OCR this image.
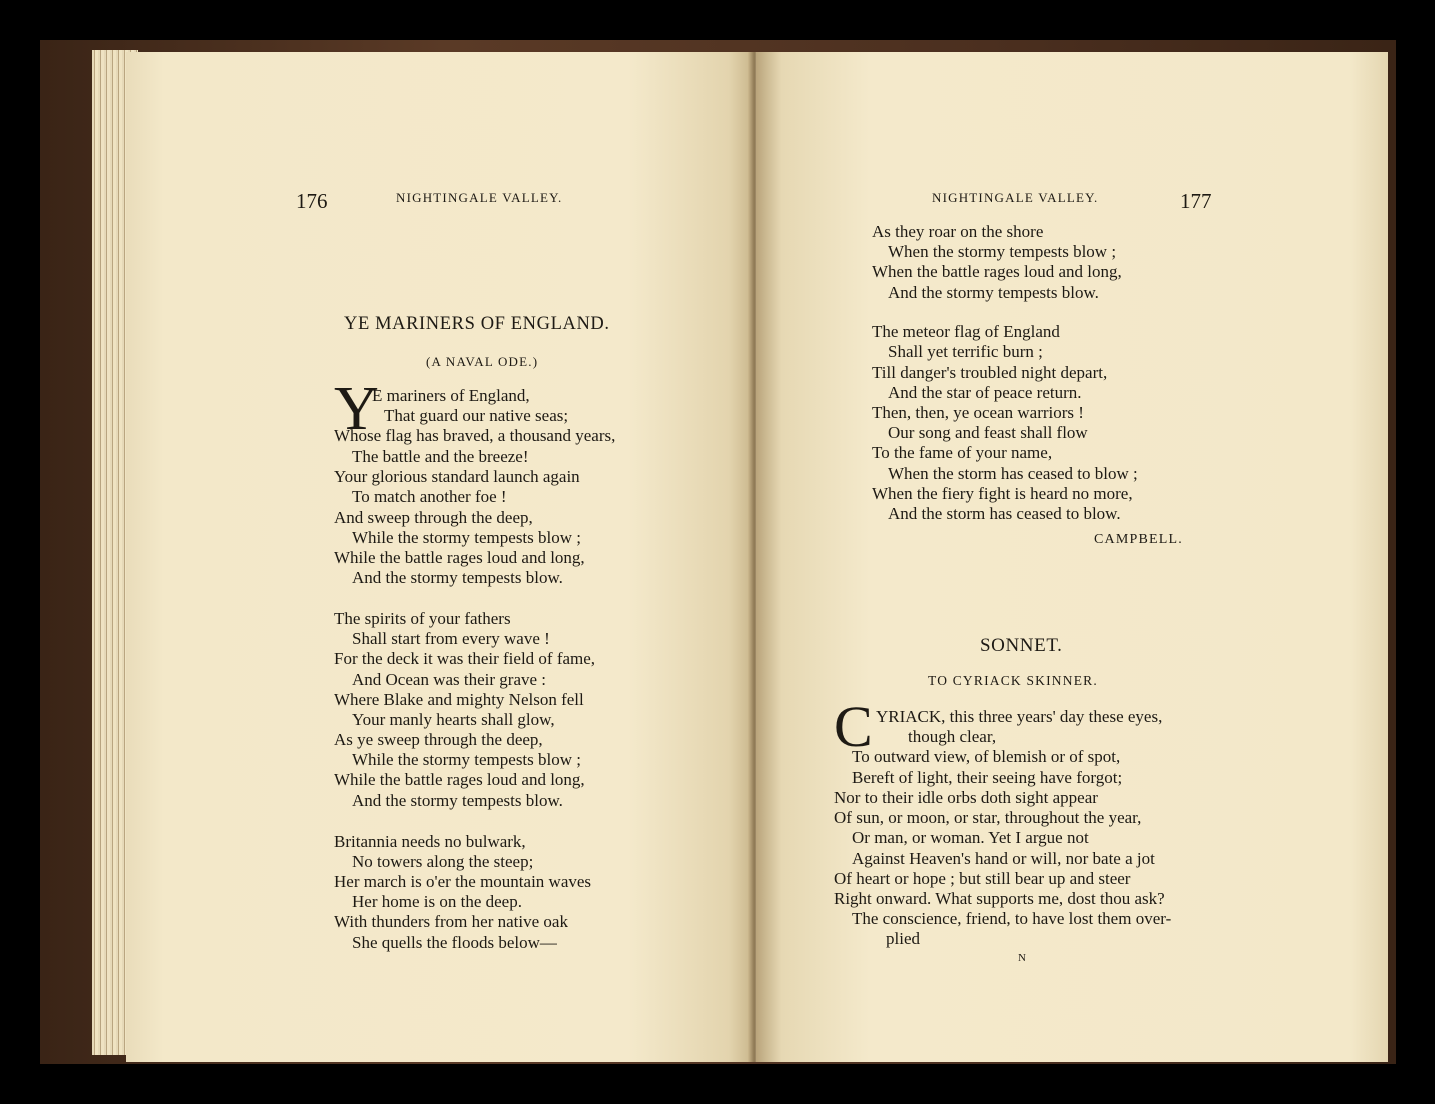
176	NIGHTINGALE VALLEY.
YE MARINERS OF ENGLAND.
(A NAVAL ODE.)
Y
E mariners of England,
That guard our native seas;
Whose flag has braved, a thousand years,
The battle and the breeze!
Your glorious standard launch again
To match another foe !
And sweep through the deep,
While the stormy tempests blow ;
While the battle rages loud and long,
And the stormy tempests blow.
The spirits of your fathers
Shall start from every wave !
For the deck it was their field of fame,
And Ocean was their grave :
Where Blake and mighty Nelson fell
Your manly hearts shall glow,
As ye sweep through the deep,
While the stormy tempests blow ;
While the battle rages loud and long,
And the stormy tempests blow.
Britannia needs no bulwark,
No towers along the steep;
Her march is o'er the mountain waves
Her home is on the deep.
With thunders from her native oak
She quells the floods below—
NIGHTINGALE VALLEY.	177
As they roar on the shore
When the stormy tempests blow ;
When the battle rages loud and long,
And the stormy tempests blow.
The meteor flag of England
Shall yet terrific burn ;
Till danger's troubled night depart,
And the star of peace return.
Then, then, ye ocean warriors !
Our song and feast shall flow
To the fame of your name,
When the storm has ceased to blow ;
When the fiery fight is heard no more,
And the storm has ceased to blow.
CAMPBELL.
SONNET.
TO CYRIACK SKINNER.
C YRIACK, this three years' day these eyes,
though clear,
To outward view, of blemish or of spot,
Bereft of light, their seeing have forgot;
Nor to their idle orbs doth sight appear
Of sun, or moon, or star, throughout the year,
Or man, or woman. Yet I argue not
Against Heaven's hand or will, nor bate a jot
Of heart or hope ; but still bear up and steer
Right onward. What supports me, dost thou ask?
The conscience, friend, to have lost them over-
plied
N
